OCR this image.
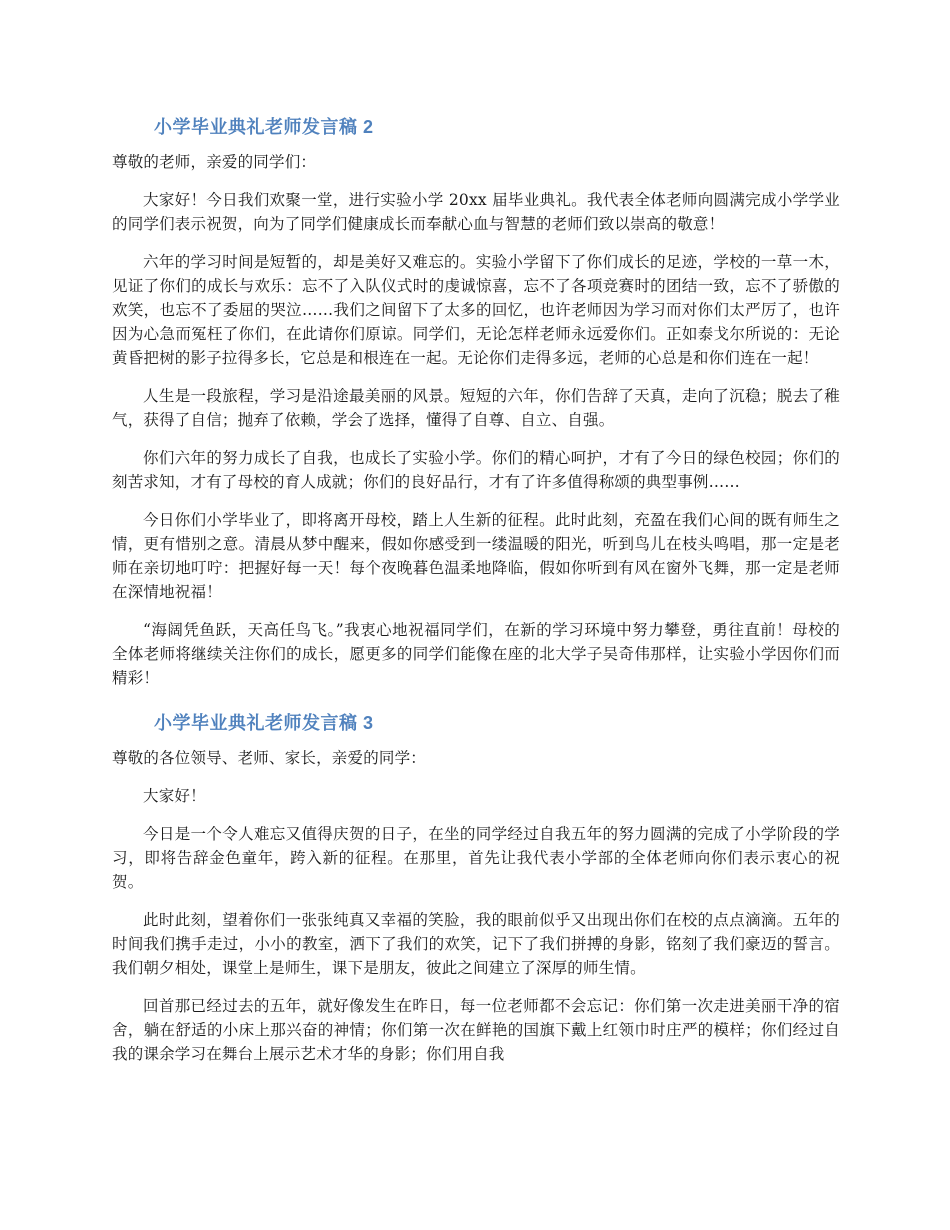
小学毕业典礼老师发言稿 2

尊敬的老师，亲爱的同学们：

大家好！今日我们欢聚一堂，进行实验小学 20xx 届毕业典礼。我代表全体老师向圆满完成小学学业的同学们表示祝贺，向为了同学们健康成长而奉献心血与智慧的老师们致以崇高的敬意！

六年的学习时间是短暂的，却是美好又难忘的。实验小学留下了你们成长的足迹，学校的一草一木，见证了你们的成长与欢乐：忘不了入队仪式时的虔诚惊喜，忘不了各项竞赛时的团结一致，忘不了骄傲的欢笑，也忘不了委屈的哭泣……我们之间留下了太多的回忆，也许老师因为学习而对你们太严厉了，也许因为心急而冤枉了你们，在此请你们原谅。同学们，无论怎样老师永远爱你们。正如泰戈尔所说的：无论黄昏把树的影子拉得多长，它总是和根连在一起。无论你们走得多远，老师的心总是和你们连在一起！

人生是一段旅程，学习是沿途最美丽的风景。短短的六年，你们告辞了天真，走向了沉稳；脱去了稚气，获得了自信；抛弃了依赖，学会了选择，懂得了自尊、自立、自强。

你们六年的努力成长了自我，也成长了实验小学。你们的精心呵护，才有了今日的绿色校园；你们的刻苦求知，才有了母校的育人成就；你们的良好品行，才有了许多值得称颂的典型事例……

今日你们小学毕业了，即将离开母校，踏上人生新的征程。此时此刻，充盈在我们心间的既有师生之情，更有惜别之意。清晨从梦中醒来，假如你感受到一缕温暖的阳光，听到鸟儿在枝头鸣唱，那一定是老师在亲切地叮咛：把握好每一天！每个夜晚暮色温柔地降临，假如你听到有风在窗外飞舞，那一定是老师在深情地祝福！

“海阔凭鱼跃，天高任鸟飞。”我衷心地祝福同学们，在新的学习环境中努力攀登，勇往直前！母校的全体老师将继续关注你们的成长，愿更多的同学们能像在座的北大学子吴奇伟那样，让实验小学因你们而精彩！

小学毕业典礼老师发言稿 3

尊敬的各位领导、老师、家长，亲爱的同学：

大家好！

今日是一个令人难忘又值得庆贺的日子，在坐的同学经过自我五年的努力圆满的完成了小学阶段的学习，即将告辞金色童年，跨入新的征程。在那里，首先让我代表小学部的全体老师向你们表示衷心的祝贺。

此时此刻，望着你们一张张纯真又幸福的笑脸，我的眼前似乎又出现出你们在校的点点滴滴。五年的时间我们携手走过，小小的教室，洒下了我们的欢笑，记下了我们拼搏的身影，铭刻了我们豪迈的誓言。我们朝夕相处，课堂上是师生，课下是朋友，彼此之间建立了深厚的师生情。

回首那已经过去的五年，就好像发生在昨日，每一位老师都不会忘记：你们第一次走进美丽干净的宿舍，躺在舒适的小床上那兴奋的神情；你们第一次在鲜艳的国旗下戴上红领巾时庄严的模样；你们经过自我的课余学习在舞台上展示艺术才华的身影；你们用自我
